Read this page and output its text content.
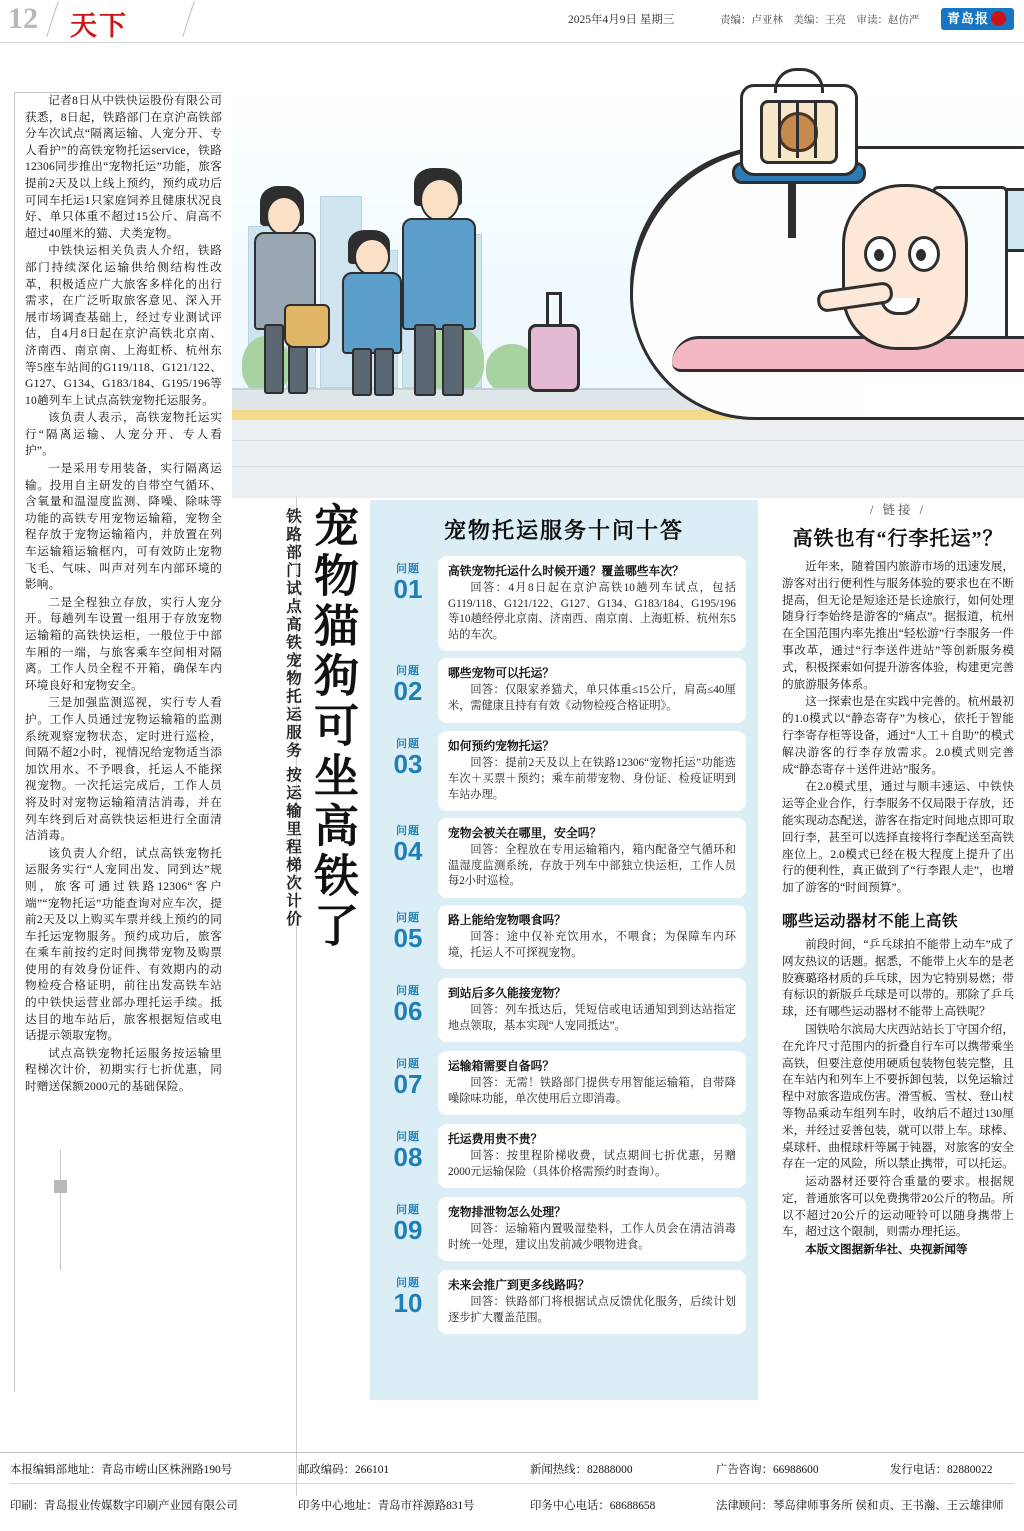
12 天下	2025年4月9日 星期三	责编：卢亚林　美编：王亮　审读：赵仿严	青岛报

记者8日从中铁快运股份有限公司获悉，8日起，铁路部门在京沪高铁部分车次试点“隔离运输、人宠分开、专人看护”的高铁宠物托运service，铁路12306同步推出“宠物托运”功能，旅客提前2天及以上线上预约，预约成功后可同车托运1只家庭饲养且健康状况良好、单只体重不超过15公斤、肩高不超过40厘米的猫、犬类宠物。

中铁快运相关负责人介绍，铁路部门持续深化运输供给侧结构性改革，积极适应广大旅客多样化的出行需求，在广泛听取旅客意见、深入开展市场调查基础上，经过专业测试评估，自4月8日起在京沪高铁北京南、济南西、南京南、上海虹桥、杭州东等5座车站间的G119/118、G121/122、G127、G134、G183/184、G195/196等10趟列车上试点高铁宠物托运服务。

该负责人表示，高铁宠物托运实行“隔离运输、人宠分开、专人看护”。

一是采用专用装备，实行隔离运输。投用自主研发的自带空气循环、含氧量和温湿度监测、降噪、除味等功能的高铁专用宠物运输箱，宠物全程存放于宠物运输箱内，并放置在列车运输箱运输框内，可有效防止宠物飞毛、气味、叫声对列车内部环境的影响。

二是全程独立存放，实行人宠分开。每趟列车设置一组用于存放宠物运输箱的高铁快运柜，一般位于中部车厢的一端，与旅客乘车空间相对隔离。工作人员全程不开箱，确保车内环境良好和宠物安全。

三是加强监测巡视，实行专人看护。工作人员通过宠物运输箱的监测系统观察宠物状态，定时进行巡检，间隔不超2小时，视情况给宠物适当添加饮用水、不予喂食，托运人不能探视宠物。一次托运完成后，工作人员将及时对宠物运输箱清洁消毒，并在列车终到后对高铁快运柜进行全面清洁消毒。

该负责人介绍，试点高铁宠物托运服务实行“人宠同出发、同到达”规则，旅客可通过铁路12306“客户端”“宠物托运”功能查询对应车次，提前2天及以上购买车票并线上预约的同车托运宠物服务。预约成功后，旅客在乘车前按约定时间携带宠物及购票使用的有效身份证件、有效期内的动物检疫合格证明，前往出发高铁车站的中铁快运营业部办理托运手续。抵达目的地车站后，旅客根据短信或电话提示领取宠物。

试点高铁宠物托运服务按运输里程梯次计价，初期实行七折优惠，同时赠送保额2000元的基础保险。

宠物猫狗可坐高铁了
铁路部门试点高铁宠物托运服务 按运输里程梯次计价	宠物托运服务十问十答
问题
01
高铁宠物托运什么时候开通？覆盖哪些车次？
回答：4月8日起在京沪高铁10趟列车试点，包括G119/118、G121/122、G127、G134、G183/184、G195/196等10趟经停北京南、济南西、南京南、上海虹桥、杭州东5站的车次。
问题
02
哪些宠物可以托运？
回答：仅限家养猫犬，单只体重≤15公斤，肩高≤40厘米，需健康且持有有效《动物检疫合格证明》。
问题
03
如何预约宠物托运？
回答：提前2天及以上在铁路12306“宠物托运”功能选车次＋买票＋预约；乘车前带宠物、身份证、检疫证明到车站办理。
问题
04
宠物会被关在哪里，安全吗？
回答：全程放在专用运输箱内，箱内配备空气循环和温湿度监测系统，存放于列车中部独立快运柜，工作人员每2小时巡检。
问题
05
路上能给宠物喂食吗？
回答：途中仅补充饮用水，不喂食；为保障车内环境，托运人不可探视宠物。
问题
06
到站后多久能接宠物？
回答：列车抵达后，凭短信或电话通知到到达站指定地点领取，基本实现“人宠同抵达”。
问题
07
运输箱需要自备吗？
回答：无需！铁路部门提供专用智能运输箱，自带降噪除味功能，单次使用后立即消毒。
问题
08
托运费用贵不贵？
回答：按里程阶梯收费，试点期间七折优惠，另赠2000元运输保险（具体价格需预约时查询）。
问题
09
宠物排泄物怎么处理？
回答：运输箱内置吸湿垫料，工作人员会在清洁消毒时统一处理，建议出发前减少喂物进食。
问题
10
未来会推广到更多线路吗？
回答：铁路部门将根据试点反馈优化服务，后续计划逐步扩大覆盖范围。
/ 链接 /
高铁也有“行李托运”？

近年来，随着国内旅游市场的迅速发展，游客对出行便利性与服务体验的要求也在不断提高，但无论是短途还是长途旅行，如何处理随身行李始终是游客的“痛点”。据报道，杭州在全国范围内率先推出“轻松游”行李服务一件事改革，通过“行李送件进站”等创新服务模式，积极探索如何提升游客体验，构建更完善的旅游服务体系。

这一探索也是在实践中完善的。杭州最初的1.0模式以“静态寄存”为核心，依托于智能行李寄存柜等设备，通过“人工＋自助”的模式解决游客的行李存放需求。2.0模式则完善成“静态寄存＋送件进站”服务。

在2.0模式里，通过与顺丰速运、中铁快运等企业合作，行李服务不仅局限于存放，还能实现动态配送，游客在指定时间地点即可取回行李，甚至可以选择直接将行李配送至高铁座位上。2.0模式已经在极大程度上提升了出行的便利性，真正做到了“行李跟人走”，也增加了游客的“时间预算”。

哪些运动器材不能上高铁

前段时间，“乒乓球拍不能带上动车”成了网友热议的话题。据悉，不能带上火车的是老胶赛璐珞材质的乒乓球，因为它特别易燃；带有标识的新版乒乓球是可以带的。那除了乒乓球，还有哪些运动器材不能带上高铁呢？

国铁哈尔滨局大庆西站站长丁守国介绍，在允许尺寸范围内的折叠自行车可以携带乘坐高铁，但要注意使用硬质包装物包装完整，且在车站内和列车上不要拆卸包装，以免运输过程中对旅客造成伤害。滑雪板、雪杖、登山杖等物品乘动车组列车时，收纳后不超过130厘米，并经过妥善包装，就可以带上车。球棒、桌球杆、曲棍球杆等属于钝器，对旅客的安全存在一定的风险，所以禁止携带，可以托运。

运动器材还要符合重量的要求。根据规定，普通旅客可以免费携带20公斤的物品。所以不超过20公斤的运动哑铃可以随身携带上车，超过这个限制，则需办理托运。

本版文图据新华社、央视新闻等

本报编辑部地址：青岛市崂山区株洲路190号	邮政编码：266101	新闻热线：82888000	广告咨询：66988600	发行电话：82880022
印刷：青岛报业传媒数字印刷产业园有限公司	印务中心地址：青岛市祥源路831号	印务中心电话：68688658	法律顾问：琴岛律师事务所 侯和贞、王书瀚、王云雄律师
